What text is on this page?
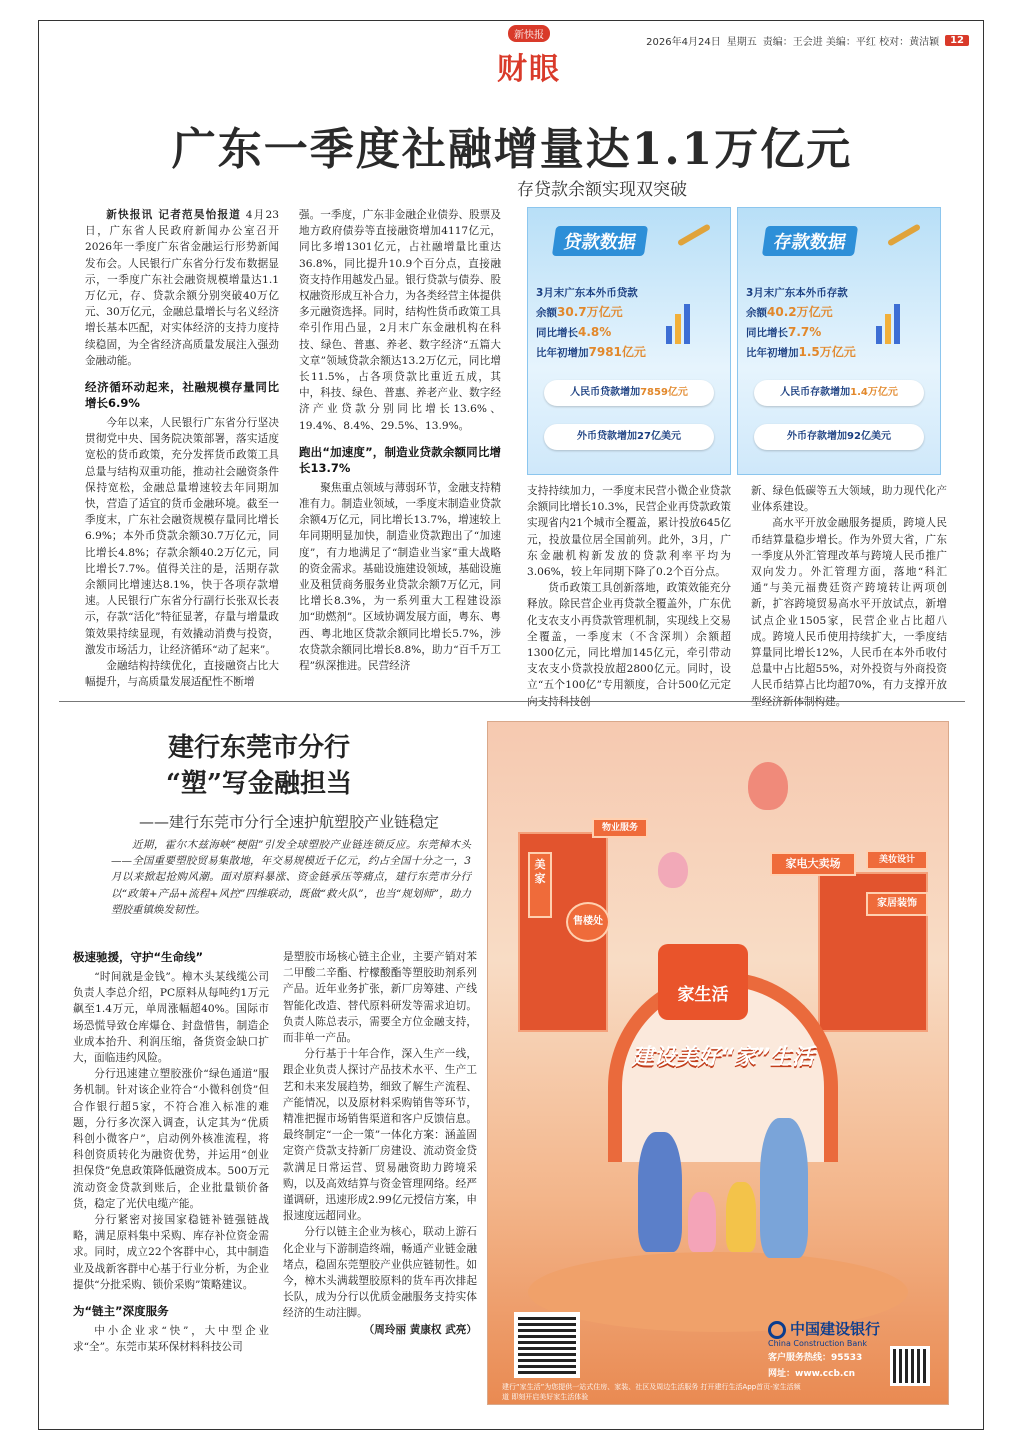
新快报
财眼
2026年4月24日 星期五 责编：王会进 美编：平红 校对：黄洁颖	12
广东一季度社融增量达1.1万亿元
存贷款余额实现双突破

新快报讯 记者范昊怡报道 4月23日，广东省人民政府新闻办公室召开2026年一季度广东省金融运行形势新闻发布会。人民银行广东省分行发布数据显示，一季度广东社会融资规模增量达1.1万亿元，存、贷款余额分别突破40万亿元、30万亿元，金融总量增长与名义经济增长基本匹配，对实体经济的支持力度持续稳固，为全省经济高质量发展注入强劲金融动能。

经济循环动起来，社融规模存量同比增长6.9%

今年以来，人民银行广东省分行坚决贯彻党中央、国务院决策部署，落实适度宽松的货币政策，充分发挥货币政策工具总量与结构双重功能，推动社会融资条件保持宽松，金融总量增速较去年同期加快，营造了适宜的货币金融环境。截至一季度末，广东社会融资规模存量同比增长6.9%；本外币贷款余额30.7万亿元，同比增长4.8%；存款余额40.2万亿元，同比增长7.7%。值得关注的是，活期存款余额同比增速达8.1%，快于各项存款增速。人民银行广东省分行副行长张双长表示，存款“活化”特征显著，存量与增量政策效果持续显现，有效撬动消费与投资，激发市场活力，让经济循环“动了起来”。

金融结构持续优化，直接融资占比大幅提升，与高质量发展适配性不断增

强。一季度，广东非金融企业债券、股票及地方政府债券等直接融资增加4117亿元，同比多增1301亿元，占社融增量比重达36.8%，同比提升10.9个百分点，直接融资支持作用越发凸显。银行贷款与债券、股权融资形成互补合力，为各类经营主体提供多元融资选择。同时，结构性货币政策工具牵引作用凸显，2月末广东金融机构在科技、绿色、普惠、养老、数字经济“五篇大文章”领域贷款余额达13.2万亿元，同比增长11.5%，占各项贷款比重近五成，其中，科技、绿色、普惠、养老产业、数字经济产业贷款分别同比增长13.6%、19.4%、8.4%、29.5%、13.9%。

跑出“加速度”，制造业贷款余额同比增长13.7%

聚焦重点领域与薄弱环节，金融支持精准有力。制造业领域，一季度末制造业贷款余额4万亿元，同比增长13.7%，增速较上年同期明显加快，制造业贷款跑出了“加速度”，有力地满足了“制造业当家”重大战略的资金需求。基础设施建设领域，基础设施业及租赁商务服务业贷款余额7万亿元，同比增长8.3%，为一系列重大工程建设添加“助燃剂”。区域协调发展方面，粤东、粤西、粤北地区贷款余额同比增长5.7%，涉农贷款余额同比增长8.8%，助力“百千万工程”纵深推进。民营经济

贷款数据
3月末广东本外币贷款
余额30.7万亿元
同比增长4.8%
比年初增加7981亿元
人民币贷款增加7859亿元
外币贷款增加27亿美元
存款数据
3月末广东本外币存款
余额40.2万亿元
同比增长7.7%
比年初增加1.5万亿元
人民币存款增加1.4万亿元
外币存款增加92亿美元

支持持续加力，一季度末民营小微企业贷款余额同比增长10.3%，民营企业再贷款政策实现省内21个城市全覆盖，累计投放645亿元，投放量位居全国前列。此外，3月，广东金融机构新发放的贷款利率平均为3.06%，较上年同期下降了0.2个百分点。

货币政策工具创新落地，政策效能充分释放。除民营企业再贷款全覆盖外，广东优化支农支小再贷款管理机制，实现线上交易全覆盖，一季度末（不含深圳）余额超1300亿元，同比增加145亿元，牵引带动支农支小贷款投放超2800亿元。同时，设立“五个100亿”专用额度，合计500亿元定向支持科技创

新、绿色低碳等五大领域，助力现代化产业体系建设。

高水平开放金融服务提质，跨境人民币结算量稳步增长。作为外贸大省，广东一季度从外汇管理改革与跨境人民币推广双向发力。外汇管理方面，落地“科汇通”与美元福费廷资产跨境转让两项创新，扩容跨境贸易高水平开放试点，新增试点企业1505家，民营企业占比超八成。跨境人民币使用持续扩大，一季度结算量同比增长12%，人民币在本外币收付总量中占比超55%，对外投资与外商投资人民币结算占比均超70%，有力支撑开放型经济新体制构建。

建行东莞市分行
“塑”写金融担当
——建行东莞市分行全速护航塑胶产业链稳定

近期，霍尔木兹海峡“梗阻”引发全球塑胶产业链连锁反应。东莞樟木头——全国重要塑胶贸易集散地，年交易规模近千亿元，约占全国十分之一，3月以来掀起抢购风潮。面对原料暴涨、资金链承压等痛点，建行东莞市分行以“政策+产品+流程+风控”四维联动，既做“救火队”，也当“规划师”，助力塑胶重镇焕发韧性。

极速驰援，守护“生命线”

“时间就是金钱”。樟木头某线缆公司负责人李总介绍，PC原料从每吨约1万元飙至1.4万元，单周涨幅超40%。国际市场恐慌导致仓库爆仓、封盘惜售，制造企业成本抬升、利润压缩，备货资金缺口扩大，面临违约风险。

分行迅速建立塑胶涨价“绿色通道”服务机制。针对该企业符合“小微科创贷”但合作银行超5家，不符合准入标准的难题，分行多次深入调查，认定其为“优质科创小微客户”，启动例外核准流程，将科创资质转化为融资优势，并运用“创业担保贷”免息政策降低融资成本。500万元流动资金贷款到账后，企业批量锁价备货，稳定了光伏电缆产能。

分行紧密对接国家稳链补链强链战略，满足原料集中采购、库存补位资金需求。同时，成立22个客群中心，其中制造业及战新客群中心基于行业分析，为企业提供“分批采购、锁价采购”策略建议。

为“链主”深度服务

中小企业求“快”，大中型企业求“全”。东莞市某环保材料科技公司

是塑胶市场核心链主企业，主要产销对苯二甲酸二辛酯、柠檬酸酯等塑胶助剂系列产品。近年业务扩张，新厂房筹建、产线智能化改造、替代原料研发等需求迫切。负责人陈总表示，需要全方位金融支持，而非单一产品。

分行基于十年合作，深入生产一线，跟企业负责人探讨产品技术水平、生产工艺和未来发展趋势，细致了解生产流程、产能情况，以及原材料采购销售等环节，精准把握市场销售渠道和客户反馈信息。最终制定“一企一策”一体化方案：涵盖固定资产贷款支持新厂房建设、流动资金贷款满足日常运营、贸易融资助力跨境采购，以及高效结算与资金管理网络。经严谨调研，迅速形成2.99亿元授信方案，申报速度远超同业。

分行以链主企业为核心，联动上游石化企业与下游制造终端，畅通产业链金融堵点，稳固东莞塑胶产业供应链韧性。如今，樟木头满载塑胶原料的货车再次排起长队，成为分行以优质金融服务支持实体经济的生动注脚。

（周玲丽 黄康权 武亮）

美家
售楼处
物业服务
家电大卖场	美妆设计
家居装饰
家生活
建设美好“家”生活
中国建设银行
China Construction Bank
客户服务热线：95533
网址：www.ccb.cn
建行“家生活”为您提供一站式住房、家装、社区及周边生活服务 打开建行生活App首页-家生活频道 即刻开启美好家生活体验
